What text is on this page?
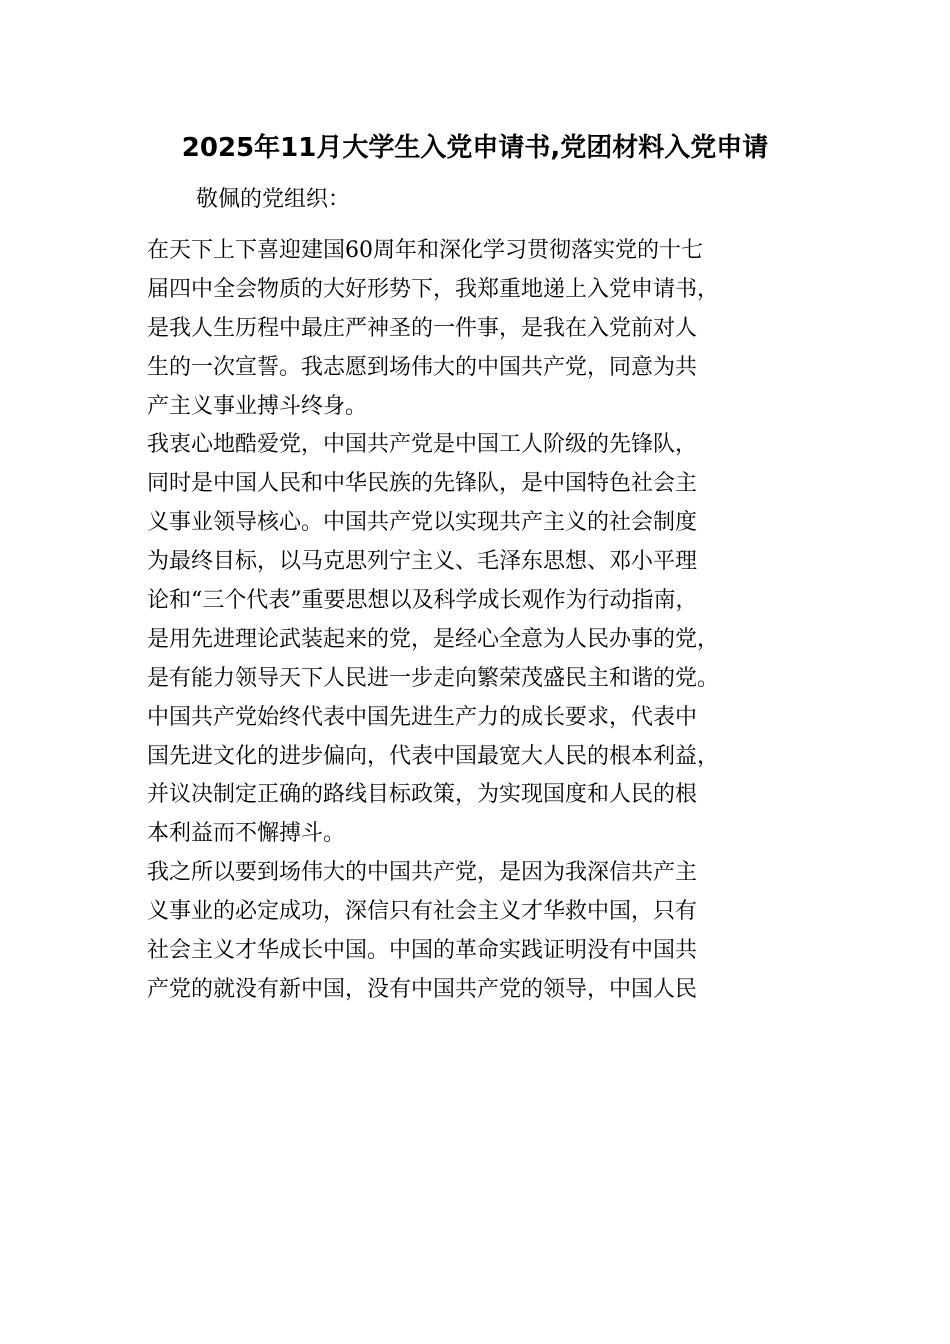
2025年11月大学生入党申请书,党团材料入党申请
敬佩的党组织：
在天下上下喜迎建国60周年和深化学习贯彻落实党的十七
届四中全会物质的大好形势下，我郑重地递上入党申请书，
是我人生历程中最庄严神圣的一件事，是我在入党前对人
生的一次宣誓。我志愿到场伟大的中国共产党，同意为共
产主义事业搏斗终身。
我衷心地酷爱党，中国共产党是中国工人阶级的先锋队，
同时是中国人民和中华民族的先锋队，是中国特色社会主
义事业领导核心。中国共产党以实现共产主义的社会制度
为最终目标，以马克思列宁主义、毛泽东思想、邓小平理
论和“三个代表”重要思想以及科学成长观作为行动指南，
是用先进理论武装起来的党，是经心全意为人民办事的党，
是有能力领导天下人民进一步走向繁荣茂盛民主和谐的党。
中国共产党始终代表中国先进生产力的成长要求，代表中
国先进文化的进步偏向，代表中国最宽大人民的根本利益，
并议决制定正确的路线目标政策，为实现国度和人民的根
本利益而不懈搏斗。
我之所以要到场伟大的中国共产党，是因为我深信共产主
义事业的必定成功，深信只有社会主义才华救中国，只有
社会主义才华成长中国。中国的革命实践证明没有中国共
产党的就没有新中国，没有中国共产党的领导，中国人民
